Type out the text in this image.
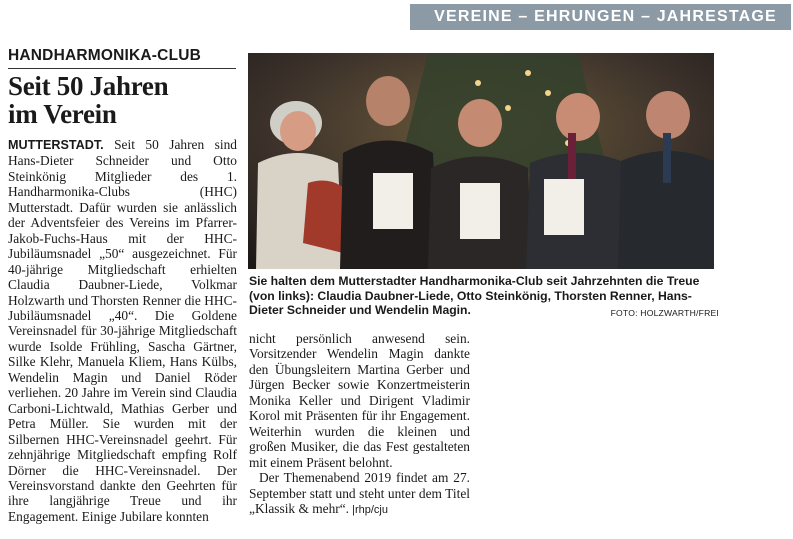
VEREINE – EHRUNGEN – JAHRESTAGE
HANDHARMONIKA-CLUB
Seit 50 Jahren
im Verein

MUTTERSTADT. Seit 50 Jahren sind Hans-Dieter Schneider und Otto Steinkönig Mitglieder des 1. Handharmonika-Clubs (HHC) Mutterstadt. Dafür wurden sie anlässlich der Adventsfeier des Vereins im Pfarrer-Jakob-Fuchs-Haus mit der HHC-Jubiläumsnadel „50“ ausgezeichnet. Für 40-jährige Mitgliedschaft erhielten Claudia Daubner-Liede, Volkmar Holzwarth und Thorsten Renner die HHC-Jubiläumsnadel „40“. Die Goldene Vereinsnadel für 30-jährige Mitgliedschaft wurde Isolde Frühling, Sascha Gärtner, Silke Klehr, Manuela Kliem, Hans Külbs, Wendelin Magin und Daniel Röder verliehen. 20 Jahre im Verein sind Claudia Carboni-Lichtwald, Mathias Gerber und Petra Müller. Sie wurden mit der Silbernen HHC-Vereinsnadel geehrt. Für zehnjährige Mitgliedschaft empfing Rolf Dörner die HHC-Vereinsnadel. Der Vereinsvorstand dankte den Geehrten für ihre langjährige Treue und ihr Engagement. Einige Jubilare konnten

Sie halten dem Mutterstadter Handharmonika-Club seit Jahrzehnten die Treue (von links): Claudia Daubner-Liede, Otto Steinkönig, Thorsten Renner, Hans-Dieter Schneider und Wendelin Magin.	FOTO: HOLZWARTH/FREI

nicht persönlich anwesend sein. Vorsitzender Wendelin Magin dankte den Übungsleitern Martina Gerber und Jürgen Becker sowie Konzertmeisterin Monika Keller und Dirigent Vladimir Korol mit Präsenten für ihr Engagement. Weiterhin wurden die kleinen und großen Musiker, die das Fest gestalteten mit einem Präsent belohnt.

Der Themenabend 2019 findet am 27. September statt und steht unter dem Titel „Klassik & mehr“. |rhp/cju
